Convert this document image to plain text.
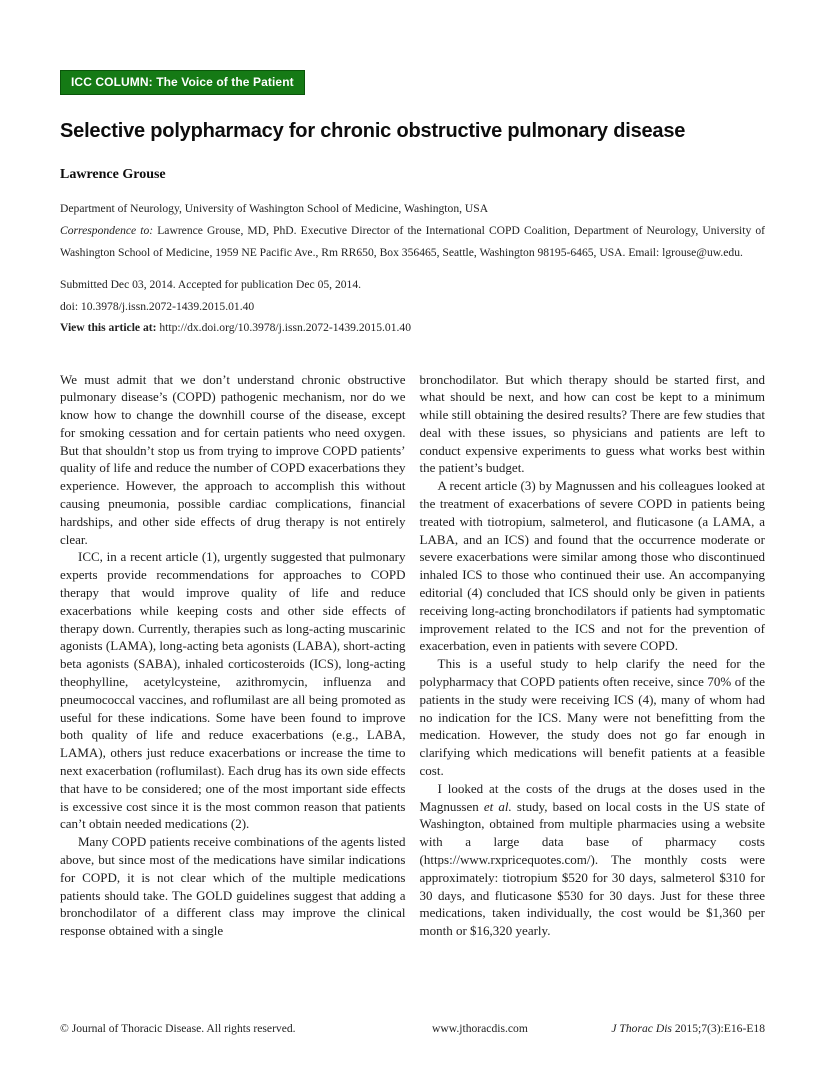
ICC COLUMN: The Voice of the Patient
Selective polypharmacy for chronic obstructive pulmonary disease
Lawrence Grouse
Department of Neurology, University of Washington School of Medicine, Washington, USA
Correspondence to: Lawrence Grouse, MD, PhD. Executive Director of the International COPD Coalition, Department of Neurology, University of Washington School of Medicine, 1959 NE Pacific Ave., Rm RR650, Box 356465, Seattle, Washington 98195-6465, USA. Email: lgrouse@uw.edu.
Submitted Dec 03, 2014. Accepted for publication Dec 05, 2014.
doi: 10.3978/j.issn.2072-1439.2015.01.40
View this article at: http://dx.doi.org/10.3978/j.issn.2072-1439.2015.01.40

We must admit that we don’t understand chronic obstructive pulmonary disease’s (COPD) pathogenic mechanism, nor do we know how to change the downhill course of the disease, except for smoking cessation and for certain patients who need oxygen. But that shouldn’t stop us from trying to improve COPD patients’ quality of life and reduce the number of COPD exacerbations they experience. However, the approach to accomplish this without causing pneumonia, possible cardiac complications, financial hardships, and other side effects of drug therapy is not entirely clear.

ICC, in a recent article (1), urgently suggested that pulmonary experts provide recommendations for approaches to COPD therapy that would improve quality of life and reduce exacerbations while keeping costs and other side effects of therapy down. Currently, therapies such as long-acting muscarinic agonists (LAMA), long-acting beta agonists (LABA), short-acting beta agonists (SABA), inhaled corticosteroids (ICS), long-acting theophylline, acetylcysteine, azithromycin, influenza and pneumococcal vaccines, and roflumilast are all being promoted as useful for these indications. Some have been found to improve both quality of life and reduce exacerbations (e.g., LABA, LAMA), others just reduce exacerbations or increase the time to next exacerbation (roflumilast). Each drug has its own side effects that have to be considered; one of the most important side effects is excessive cost since it is the most common reason that patients can’t obtain needed medications (2).

Many COPD patients receive combinations of the agents listed above, but since most of the medications have similar indications for COPD, it is not clear which of the multiple medications patients should take. The GOLD guidelines suggest that adding a bronchodilator of a different class may improve the clinical response obtained with a single

bronchodilator. But which therapy should be started first, and what should be next, and how can cost be kept to a minimum while still obtaining the desired results? There are few studies that deal with these issues, so physicians and patients are left to conduct expensive experiments to guess what works best within the patient’s budget.

A recent article (3) by Magnussen and his colleagues looked at the treatment of exacerbations of severe COPD in patients being treated with tiotropium, salmeterol, and fluticasone (a LAMA, a LABA, and an ICS) and found that the occurrence moderate or severe exacerbations were similar among those who discontinued inhaled ICS to those who continued their use. An accompanying editorial (4) concluded that ICS should only be given in patients receiving long-acting bronchodilators if patients had symptomatic improvement related to the ICS and not for the prevention of exacerbation, even in patients with severe COPD.

This is a useful study to help clarify the need for the polypharmacy that COPD patients often receive, since 70% of the patients in the study were receiving ICS (4), many of whom had no indication for the ICS. Many were not benefitting from the medication. However, the study does not go far enough in clarifying which medications will benefit patients at a feasible cost.

I looked at the costs of the drugs at the doses used in the Magnussen et al. study, based on local costs in the US state of Washington, obtained from multiple pharmacies using a website with a large data base of pharmacy costs (https://www.rxpricequotes.com/). The monthly costs were approximately: tiotropium $520 for 30 days, salmeterol $310 for 30 days, and fluticasone $530 for 30 days. Just for these three medications, taken individually, the cost would be $1,360 per month or $16,320 yearly.

© Journal of Thoracic Disease. All rights reserved.	www.jthoracdis.com	J Thorac Dis 2015;7(3):E16-E18
